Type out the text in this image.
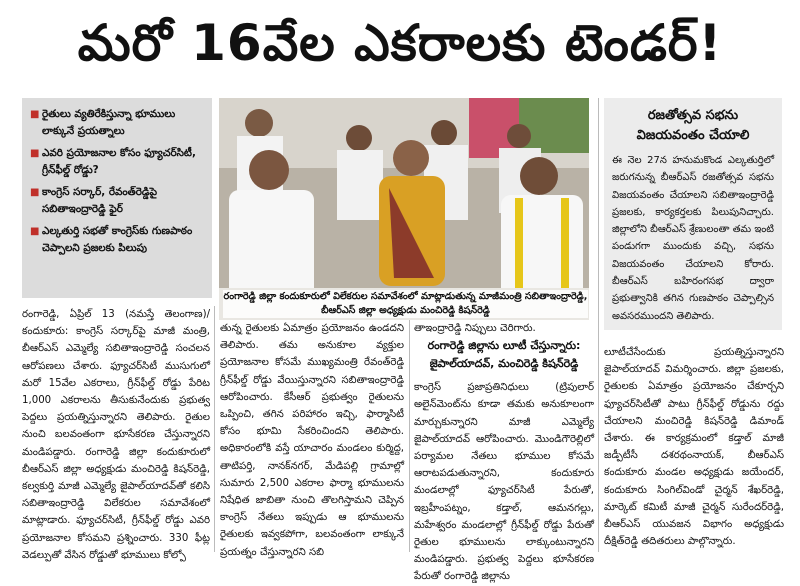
మరో 16వేల ఎకరాలకు టెండర్!
■ రైతులు వ్యతిరేకిస్తున్నా భూములు లాక్కునే ప్రయత్నాలు
■ ఎవరి ప్రయోజనాల కోసం ఫ్యూచర్‌సిటీ, గ్రీన్‌ఫీల్డ్ రోడ్డు?
■ కాంగ్రెస్ సర్కార్, రేవంత్‌రెడ్డిపై సబితాఇంద్రారెడ్డి ఫైర్
■ ఎల్కతుర్తి సభతో కాంగ్రెస్‌కు గుణపాఠం చెప్పాలని ప్రజలకు పిలుపు
రంగారెడ్డి జిల్లా కందుకూరులో విలేకరుల సమావేశంలో మాట్లాడుతున్న మాజీమంత్రి సబితాఇంద్రారెడ్డి, బీఆర్‌ఎస్ జిల్లా అధ్యక్షుడు మంచిరెడ్డి కిషన్‌రెడ్డి
రజతోత్సవ సభను విజయవంతం చేయాలి
ఈ నెల 27న హనుమకొండ ఎల్కతుర్తిలో జరుగనున్న బీఆర్‌ఎస్ రజతోత్సవ సభను విజయవంతం చేయాలని సబితాఇంద్రారెడ్డి ప్రజలకు, కార్యకర్తలకు పిలుపునిచ్చారు. జిల్లాలోని బీఆర్‌ఎస్ శ్రేణులంతా తమ ఇంటి పండుగగా ముందుకు వచ్చి, సభను విజయవంతం చేయాలని కోరారు. బీఆర్‌ఎస్ బహిరంగసభ ద్వారా ప్రభుత్వానికి తగిన గుణపాఠం చెప్పాల్సిన అవసరముందని తెలిపారు.
రంగారెడ్డి, ఏప్రిల్ 13 (నమస్తే తెలంగాణ)/కందుకూరు: కాంగ్రెస్ సర్కార్‌పై మాజీ మంత్రి, బీఆర్‌ఎస్ ఎమ్మెల్యే సబితాఇంద్రారెడ్డి సంచలన ఆరోపణలు చేశారు. ఫ్యూచర్‌సిటీ ముసుగులో మరో 15వేల ఎకరాలు, గ్రీన్‌ఫీల్డ్ రోడ్డు పేరిట 1,000 ఎకరాలను తీసుకునేందుకు ప్రభుత్వ పెద్దలు ప్రయత్నిస్తున్నారని తెలిపారు. రైతుల నుంచి బలవంతంగా భూసేకరణ చేస్తున్నారని మండిపడ్డారు. రంగారెడ్డి జిల్లా కందుకూరులో బీఆర్‌ఎస్ జిల్లా అధ్యక్షుడు మంచిరెడ్డి కిషన్‌రెడ్డి, కల్వకుర్తి మాజీ ఎమ్మెల్యే జైపాల్‌యాదవ్‌తో కలిసి సబితాఇంద్రారెడ్డి విలేకరుల సమావేశంలో మాట్లాడారు. ఫ్యూచర్‌సిటీ, గ్రీన్‌ఫీల్డ్ రోడ్డు ఎవరి ప్రయోజనాల కోసమని ప్రశ్నించారు. 330 ఫీట్ల వెడల్పుతో వేసిన రోడ్డుతో భూములు కోల్పో
తున్న రైతులకు ఏమాత్రం ప్రయోజనం ఉండదని తెలిపారు. తమ అనుకూల వ్యక్తుల ప్రయోజనాల కోసమే ముఖ్యమంత్రి రేవంత్‌రెడ్డి గ్రీన్‌ఫీల్డ్ రోడ్డు వేయిస్తున్నారని సబితాఇంద్రారెడ్డి ఆరోపించారు. కేసీఆర్ ప్రభుత్వం రైతులను ఒప్పించి, తగిన పరిహారం ఇచ్చి, ఫార్మాసిటీ కోసం భూమి సేకరించిందని తెలిపారు. అధికారంలోకి వస్తే యాచారం మండలం కుర్మిద్ద, తాటిపర్తి, నానక్‌నగర్, మేడిపల్లి గ్రామాల్లో సుమారు 2,500 ఎకరాల ఫార్మా భూములను నిషేధిత జాబితా నుంచి తొలగిస్తామని చెప్పిన కాంగ్రెస్ నేతలు ఇప్పుడు ఆ భూములను రైతులకు ఇవ్వకపోగా, బలవంతంగా లాక్కునే ప్రయత్నం చేస్తున్నారని సబి
తాఇంద్రారెడ్డి నిప్పులు చెరిగారు.
రంగారెడ్డి జిల్లాను లూటీ చేస్తున్నారు: జైపాల్‌యాదవ్, మంచిరెడ్డి కిషన్‌రెడ్డి
కాంగ్రెస్ ప్రజాప్రతినిధులు (ట్రిపులార్ అలైన్‌మెంట్‌ను కూడా తమకు అనుకూలంగా మార్చుకున్నారని మాజీ ఎమ్మెల్యే జైపాల్‌యాదవ్ ఆరోపించారు. మొండిగౌరెల్లిలో పర్యామల నేతలు భూముల కోసమే ఆరాటపడుతున్నారని, కందుకూరు మండలాల్లో ఫ్యూచర్‌సిటీ పేరుతో, ఇబ్రహీంపట్నం, కడ్తాల్, ఆమనగల్లు, మహేశ్వరం మండలాల్లో గ్రీన్‌ఫీల్డ్ రోడ్డు పేరుతో రైతుల భూములను లాక్కుంటున్నారని మండిపడ్డారు. ప్రభుత్వ పెద్దలు భూసేకరణ పేరుతో రంగారెడ్డి జిల్లాను
లూటీచేసేందుకు ప్రయత్నిస్తున్నారని జైపాల్‌యాదవ్ విమర్శించారు. జిల్లా ప్రజలకు, రైతులకు ఏమాత్రం ప్రయోజనం చేకూర్చని ఫ్యూచర్‌సిటీతో పాటు గ్రీన్‌ఫీల్డ్ రోడ్డును రద్దు చేయాలని మంచిరెడ్డి కిషన్‌రెడ్డి డిమాండ్ చేశారు. ఈ కార్యక్రమంలో కడ్తాల్ మాజీ జడ్పీటీసీ దశరథంనాయక్, బీఆర్‌ఎస్ కందుకూరు మండల అధ్యక్షుడు జయేందర్, కందుకూరు సింగిల్‌విండో చైర్మన్ శేఖర్‌రెడ్డి, మార్కెట్ కమిటీ మాజీ చైర్మన్ సురేందర్‌రెడ్డి, బీఆర్‌ఎస్ యువజన విభాగం అధ్యక్షుడు దీక్షిత్‌రెడ్డి తదితరులు పాల్గొన్నారు.
